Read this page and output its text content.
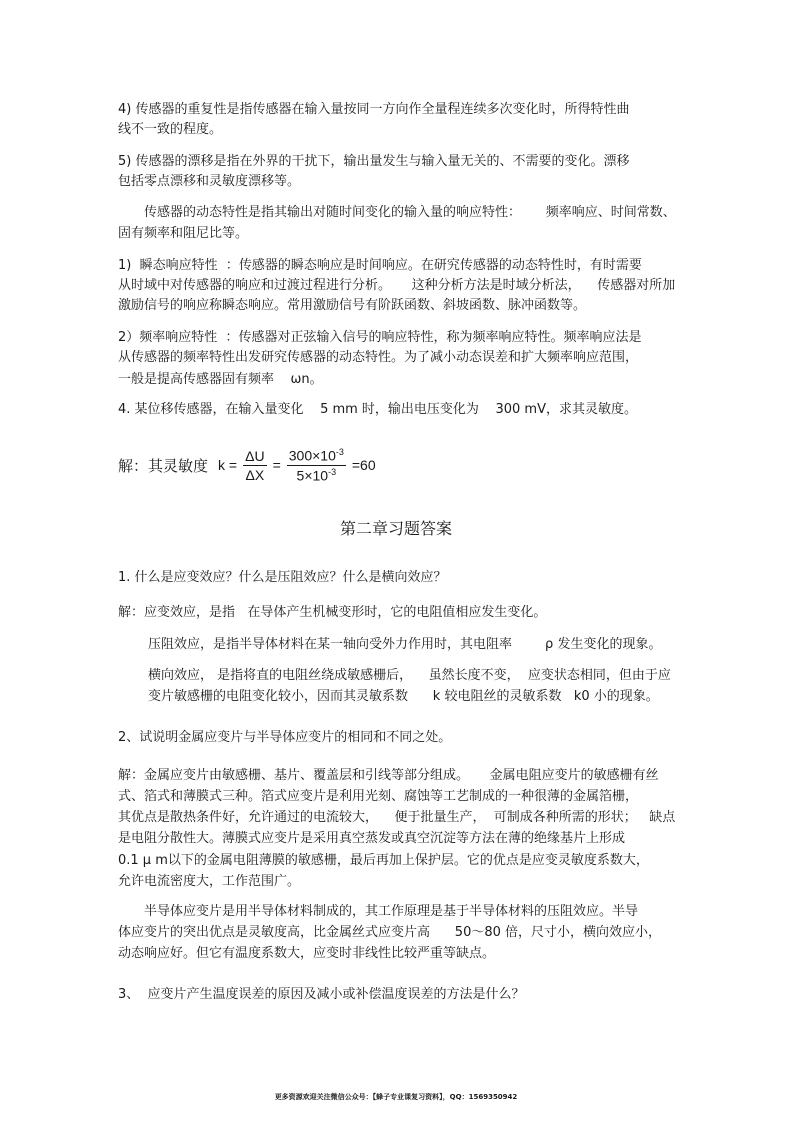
4) 传感器的重复性是指传感器在输入量按同一方向作全量程连续多次变化时，所得特性曲
线不一致的程度。
5) 传感器的漂移是指在外界的干扰下，输出量发生与输入量无关的、不需要的变化。漂移
包括零点漂移和灵敏度漂移等。
传感器的动态特性是指其输出对随时间变化的输入量的响应特性：      频率响应、时间常数、
固有频率和阻尼比等。
1)  瞬态响应特性  ：传感器的瞬态响应是时间响应。在研究传感器的动态特性时，有时需要
从时域中对传感器的响应和过渡过程进行分析。     这种分析方法是时域分析法，    传感器对所加
激励信号的响应称瞬态响应。常用激励信号有阶跃函数、斜坡函数、脉冲函数等。
2）频率响应特性  ：传感器对正弦输入信号的响应特性，称为频率响应特性。频率响应法是
从传感器的频率特性出发研究传感器的动态特性。为了减小动态误差和扩大频率响应范围，
一般是提高传感器固有频率    ωn。
4. 某位移传感器，在输入量变化    5 mm 时，输出电压变化为    300 mV，求其灵敏度。
解：其灵敏度 $k = \frac{\Delta U}{\Delta X} = \frac{300\times 10^{-3}}{5\times 10^{-3}} =60$
第二章习题答案
1. 什么是应变效应？什么是压阻效应？什么是横向效应？
解：应变效应，是指   在导体产生机械变形时，它的电阻值相应发生变化。
压阻效应，是指半导体材料在某一轴向受外力作用时，其电阻率        ρ 发生变化的现象。
横向效应， 是指将直的电阻丝绕成敏感栅后，    虽然长度不变，  应变状态相同，但由于应
变片敏感栅的电阻变化较小，因而其灵敏系数      k 较电阻丝的灵敏系数   k0 小的现象。
2、试说明金属应变片与半导体应变片的相同和不同之处。
解：金属应变片由敏感栅、基片、覆盖层和引线等部分组成。     金属电阻应变片的敏感栅有丝
式、箔式和薄膜式三种。箔式应变片是利用光刻、腐蚀等工艺制成的一种很薄的金属箔栅，
其优点是散热条件好，允许通过的电流较大，    便于批量生产，  可制成各种所需的形状；   缺点
是电阻分散性大。薄膜式应变片是采用真空蒸发或真空沉淀等方法在薄的绝缘基片上形成
0.1 μ m以下的金属电阻薄膜的敏感栅，最后再加上保护层。它的优点是应变灵敏度系数大，
允许电流密度大，工作范围广。
半导体应变片是用半导体材料制成的，其工作原理是基于半导体材料的压阻效应。半导
体应变片的突出优点是灵敏度高，比金属丝式应变片高      50～80 倍，尺寸小，横向效应小，
动态响应好。但它有温度系数大，应变时非线性比较严重等缺点。
3、  应变片产生温度误差的原因及减小或补偿温度误差的方法是什么？
更多资源欢迎关注微信公众号：【蜂子专业课复习资料】，QQ：1569350942
